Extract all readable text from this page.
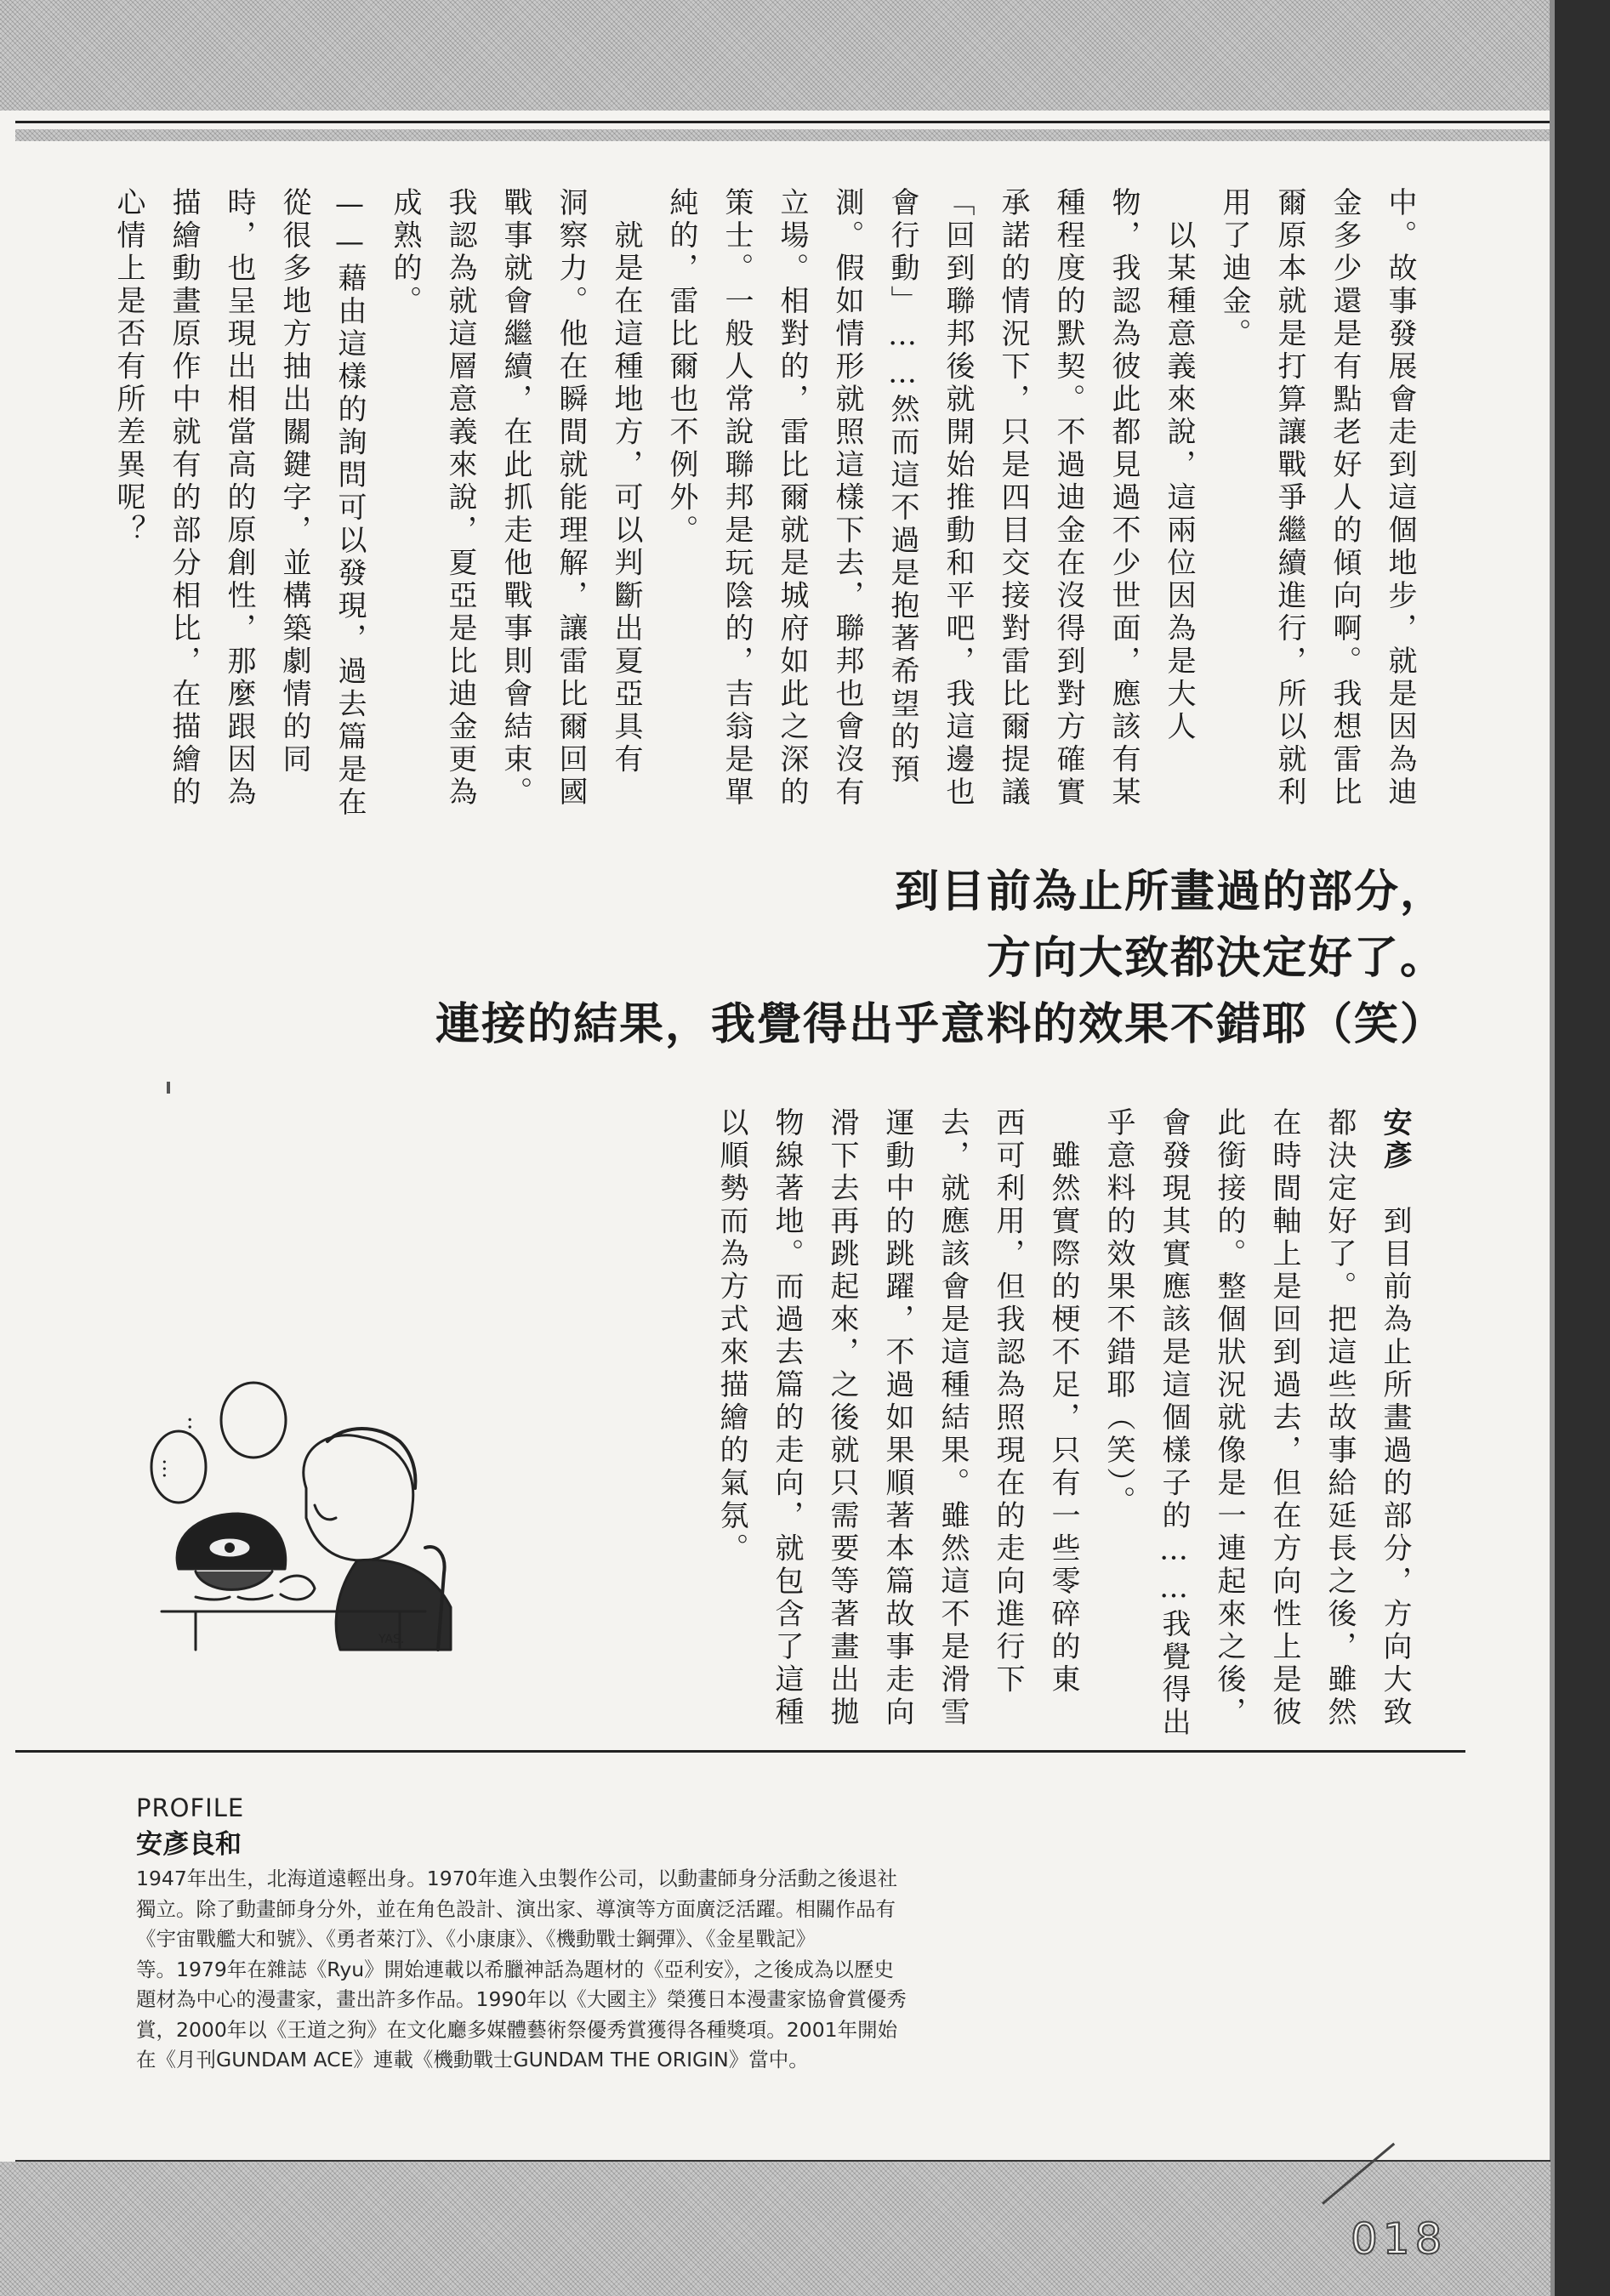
中。故事發展會走到這個地步，就是因為迪
金多少還是有點老好人的傾向啊。我想雷比
爾原本就是打算讓戰爭繼續進行，所以就利
用了迪金。
　以某種意義來說，這兩位因為是大人
物，我認為彼此都見過不少世面，應該有某
種程度的默契。不過迪金在沒得到對方確實
承諾的情況下，只是四目交接對雷比爾提議
「回到聯邦後就開始推動和平吧，我這邊也
會行動」……然而這不過是抱著希望的預
測。假如情形就照這樣下去，聯邦也會沒有
立場。相對的，雷比爾就是城府如此之深的
策士。一般人常說聯邦是玩陰的，吉翁是單
純的，雷比爾也不例外。
　就是在這種地方，可以判斷出夏亞具有
洞察力。他在瞬間就能理解，讓雷比爾回國
戰事就會繼續，在此抓走他戰事則會結束。
我認為就這層意義來說，夏亞是比迪金更為
成熟的。
——藉由這樣的詢問可以發現，過去篇是在
從很多地方抽出關鍵字，並構築劇情的同
時，也呈現出相當高的原創性，那麼跟因為
描繪動畫原作中就有的部分相比，在描繪的
心情上是否有所差異呢？
到目前為止所畫過的部分，
方向大致都決定好了。
連接的結果，我覺得出乎意料的效果不錯耶（笑）
安彥　到目前為止所畫過的部分，方向大致
都決定好了。把這些故事給延長之後，雖然
在時間軸上是回到過去，但在方向性上是彼
此銜接的。整個狀況就像是一連起來之後，
會發現其實應該是這個樣子的……我覺得出
乎意料的效果不錯耶（笑）。
　雖然實際的梗不足，只有一些零碎的東
西可利用，但我認為照現在的走向進行下
去，就應該會是這種結果。雖然這不是滑雪
運動中的跳躍，不過如果順著本篇故事走向
滑下去再跳起來，之後就只需要等著畫出拋
物線著地。而過去篇的走向，就包含了這種
以順勢而為方式來描繪的氣氛。
…
…
YAS.
PROFILE
安彥良和
1947年出生，北海道遠輕出身。1970年進入虫製作公司，以動畫師身分活動之後退社
獨立。除了動畫師身分外，並在角色設計、演出家、導演等方面廣泛活躍。相關作品有
《宇宙戰艦大和號》、《勇者萊汀》、《小康康》、《機動戰士鋼彈》、《金星戰記》
等。1979年在雜誌《Ryu》開始連載以希臘神話為題材的《亞利安》，之後成為以歷史
題材為中心的漫畫家，畫出許多作品。1990年以《大國主》榮獲日本漫畫家協會賞優秀
賞，2000年以《王道之狗》在文化廳多媒體藝術祭優秀賞獲得各種獎項。2001年開始
在《月刊GUNDAM ACE》連載《機動戰士GUNDAM THE ORIGIN》當中。
018
